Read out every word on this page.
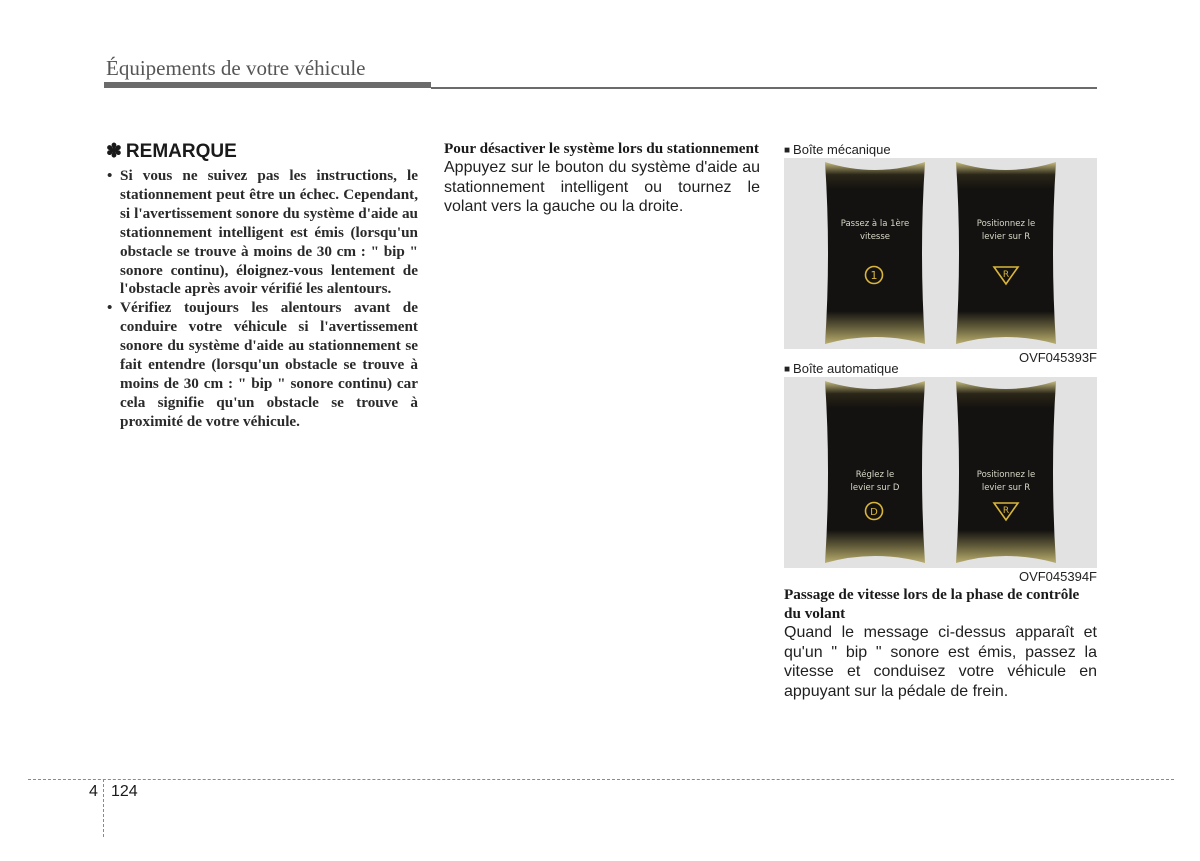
Équipements de votre véhicule
✽ REMARQUE
• Si vous ne suivez pas les instructions, le stationnement peut être un échec. Cependant, si l'avertissement sonore du système d'aide au stationnement intelligent est émis (lorsqu'un obstacle se trouve à moins de 30 cm : " bip " sonore continu), éloignez-vous lentement de l'obstacle après avoir vérifié les alentours.
• Vérifiez toujours les alentours avant de conduire votre véhicule si l'avertissement sonore du système d'aide au stationnement se fait entendre (lorsqu'un obstacle se trouve à moins de 30 cm : " bip " sonore continu) car cela signifie qu'un obstacle se trouve à proximité de votre véhicule.

Pour désactiver le système lors du stationnement

Appuyez sur le bouton du système d'aide au stationnement intelligent ou tournez le volant vers la gauche ou la droite.

■ Boîte mécanique
Passez à la 1ère
vitesse
1
Positionnez le
levier sur R
R
OVF045393F
■ Boîte automatique
Réglez le
levier sur D
D
Positionnez le
levier sur R
R
OVF045394F

Passage de vitesse lors de la phase de contrôle du volant

Quand le message ci-dessus apparaît et qu'un " bip " sonore est émis, passez la vitesse et conduisez votre véhicule en appuyant sur la pédale de frein.

4 124
